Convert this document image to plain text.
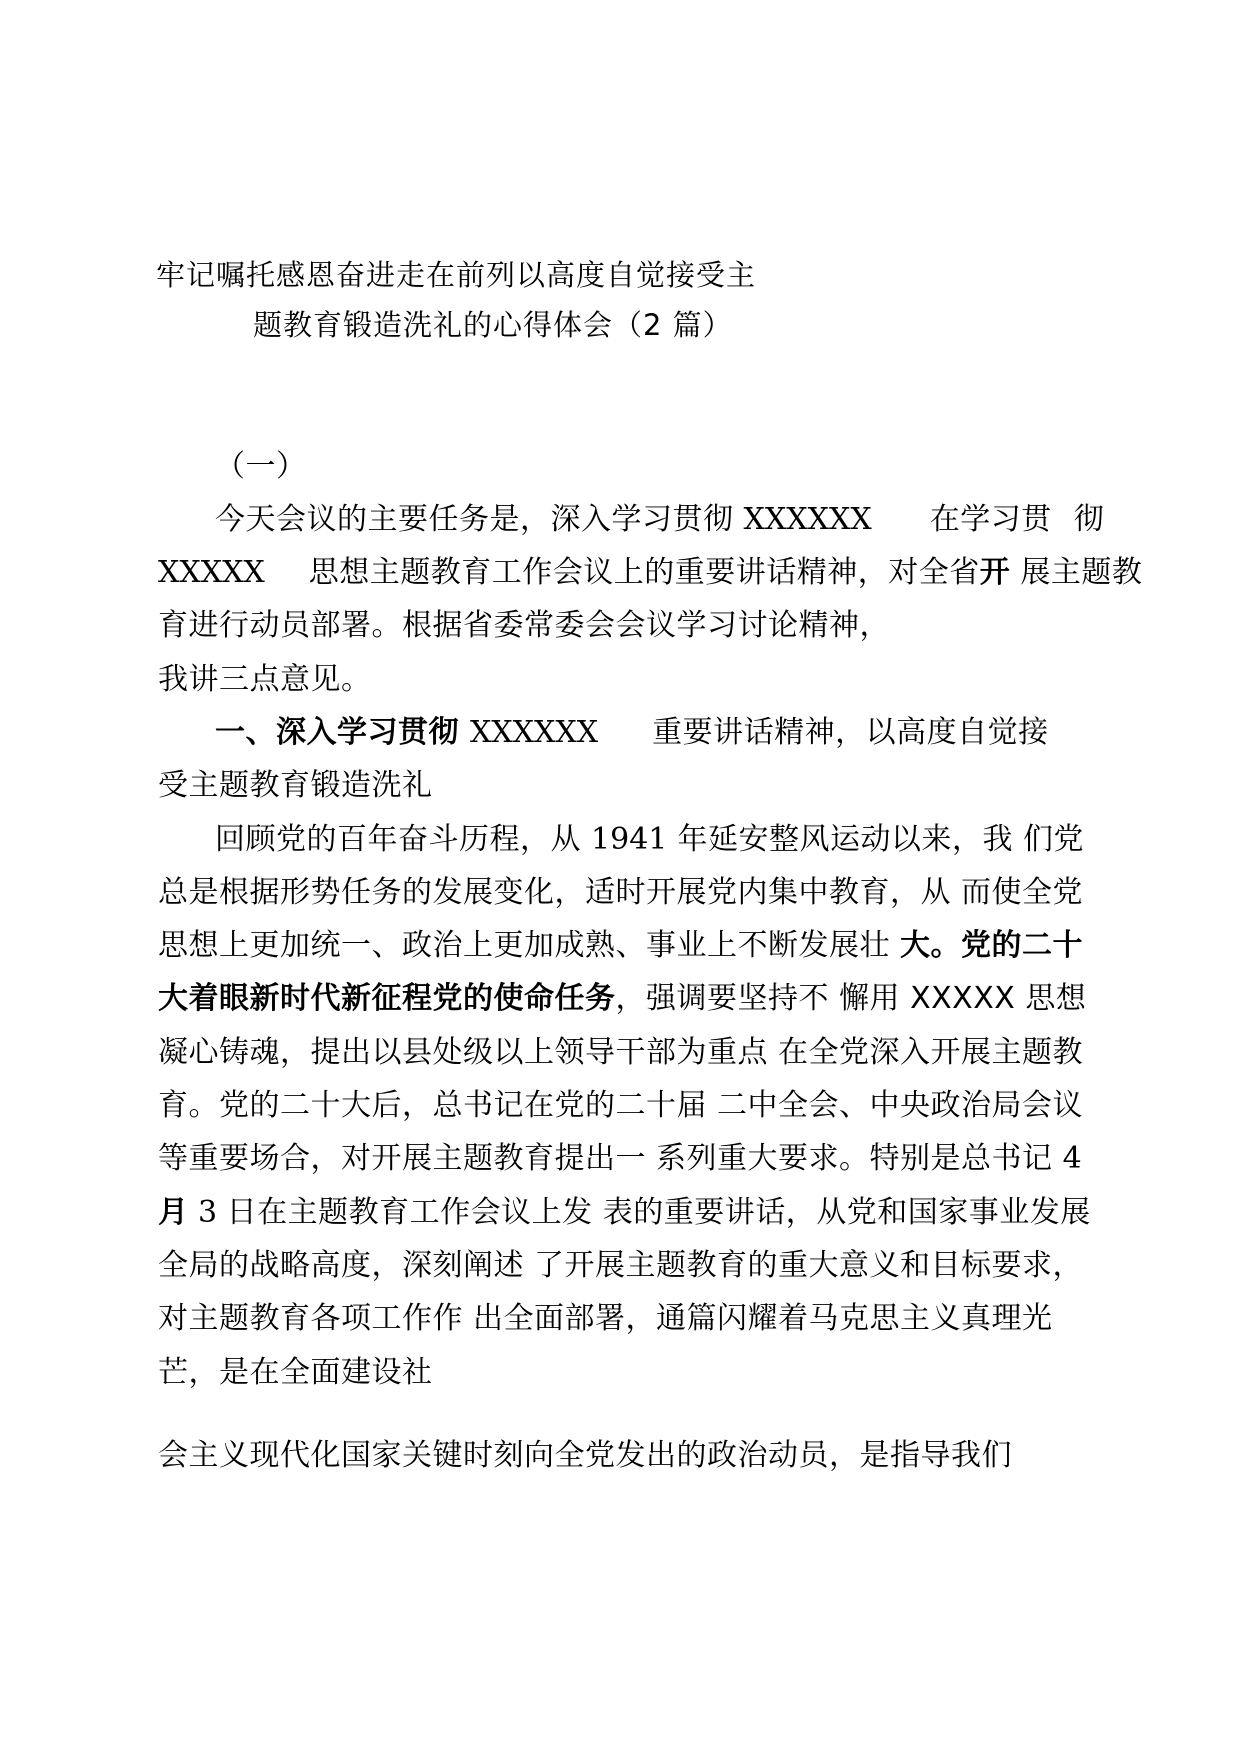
牢记嘱托感恩奋进走在前列以高度自觉接受主
题教育锻造洗礼的心得体会（2 篇）
（一）
今天会议的主要任务是，深入学习贯彻 XXXXXX 在学习贯 彻
XXXXX 思想主题教育工作会议上的重要讲话精神，对全省开 展主题教
育进行动员部署。根据省委常委会会议学习讨论精神，
我讲三点意见。
一、深入学习贯彻 XXXXXX 重要讲话精神，以高度自觉接
受主题教育锻造洗礼
回顾党的百年奋斗历程，从 1941 年延安整风运动以来，我 们党
总是根据形势任务的发展变化，适时开展党内集中教育，从 而使全党
思想上更加统一、政治上更加成熟、事业上不断发展壮 大。党的二十
大着眼新时代新征程党的使命任务，强调要坚持不 懈用 XXXXX 思想
凝心铸魂，提出以县处级以上领导干部为重点 在全党深入开展主题教
育。党的二十大后，总书记在党的二十届 二中全会、中央政治局会议
等重要场合，对开展主题教育提出一 系列重大要求。特别是总书记 4
月 3 日在主题教育工作会议上发 表的重要讲话，从党和国家事业发展
全局的战略高度，深刻阐述 了开展主题教育的重大意义和目标要求，
对主题教育各项工作作 出全面部署，通篇闪耀着马克思主义真理光
芒，是在全面建设社
会主义现代化国家关键时刻向全党发出的政治动员，是指导我们
